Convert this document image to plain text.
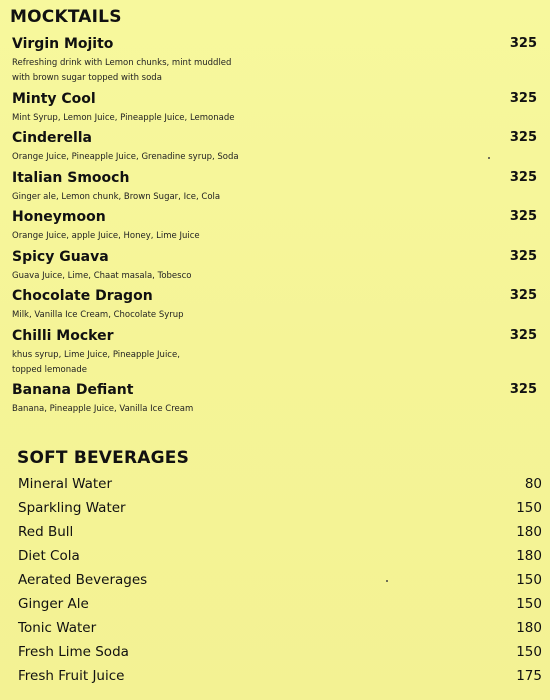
MOCKTAILS
Virgin Mojito
Refreshing drink with Lemon chunks, mint muddled
with brown sugar topped with soda
325
Minty Cool
Mint Syrup, Lemon Juice, Pineapple Juice, Lemonade
325
Cinderella
Orange Juice, Pineapple Juice, Grenadine syrup, Soda
325
Italian Smooch
Ginger ale, Lemon chunk, Brown Sugar, Ice, Cola
325
Honeymoon
Orange Juice, apple Juice, Honey, Lime Juice
325
Spicy Guava
Guava Juice, Lime, Chaat masala, Tobesco
325
Chocolate Dragon
Milk, Vanilla Ice Cream, Chocolate Syrup
325
Chilli Mocker
khus syrup, Lime Juice, Pineapple Juice,
topped lemonade
325
Banana Defiant
Banana, Pineapple Juice, Vanilla Ice Cream
325
SOFT BEVERAGES
Mineral Water	80
Sparkling Water	150
Red Bull	180
Diet Cola	180
Aerated Beverages	150
Ginger Ale	150
Tonic Water	180
Fresh Lime Soda	150
Fresh Fruit Juice	175
